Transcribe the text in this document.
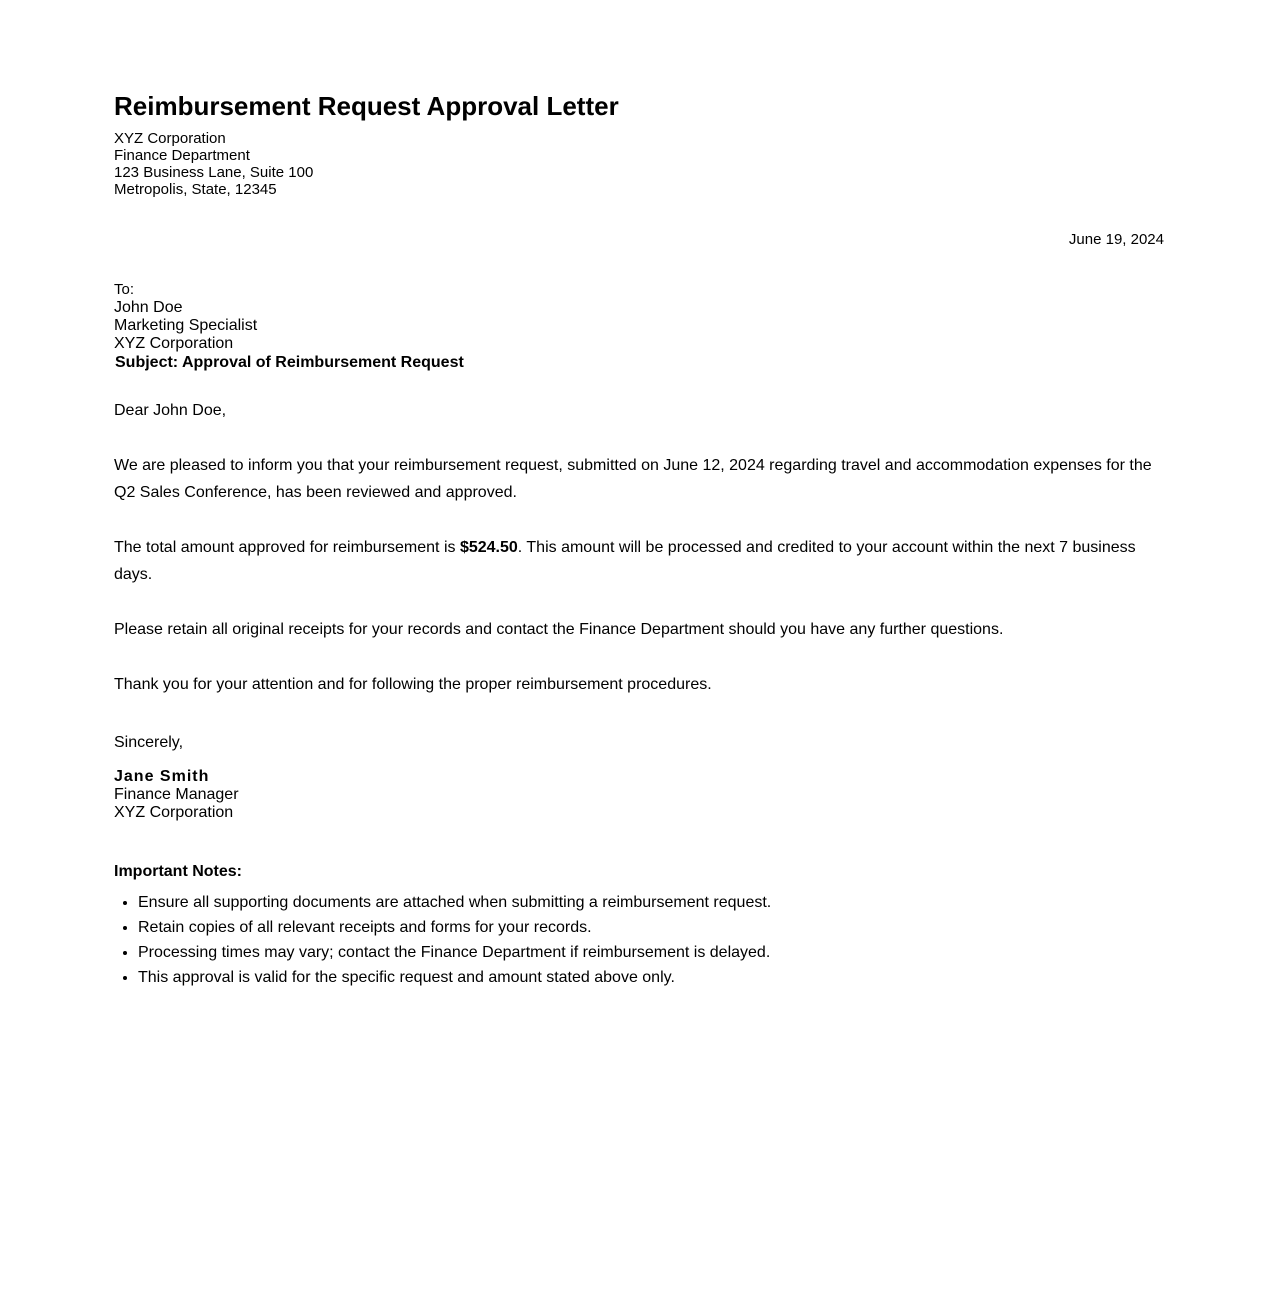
Reimbursement Request Approval Letter
XYZ Corporation
Finance Department
123 Business Lane, Suite 100
Metropolis, State, 12345
June 19, 2024
To:
John Doe
Marketing Specialist
XYZ Corporation
Subject: Approval of Reimbursement Request
Dear John Doe,

We are pleased to inform you that your reimbursement request, submitted on June 12, 2024 regarding travel and accommodation expenses for the Q2 Sales Conference, has been reviewed and approved.

The total amount approved for reimbursement is $524.50. This amount will be processed and credited to your account within the next 7 business days.

Please retain all original receipts for your records and contact the Finance Department should you have any further questions.

Thank you for your attention and for following the proper reimbursement procedures.

Sincerely,
Jane Smith
Finance Manager
XYZ Corporation
Important Notes:
• Ensure all supporting documents are attached when submitting a reimbursement request.
• Retain copies of all relevant receipts and forms for your records.
• Processing times may vary; contact the Finance Department if reimbursement is delayed.
• This approval is valid for the specific request and amount stated above only.
